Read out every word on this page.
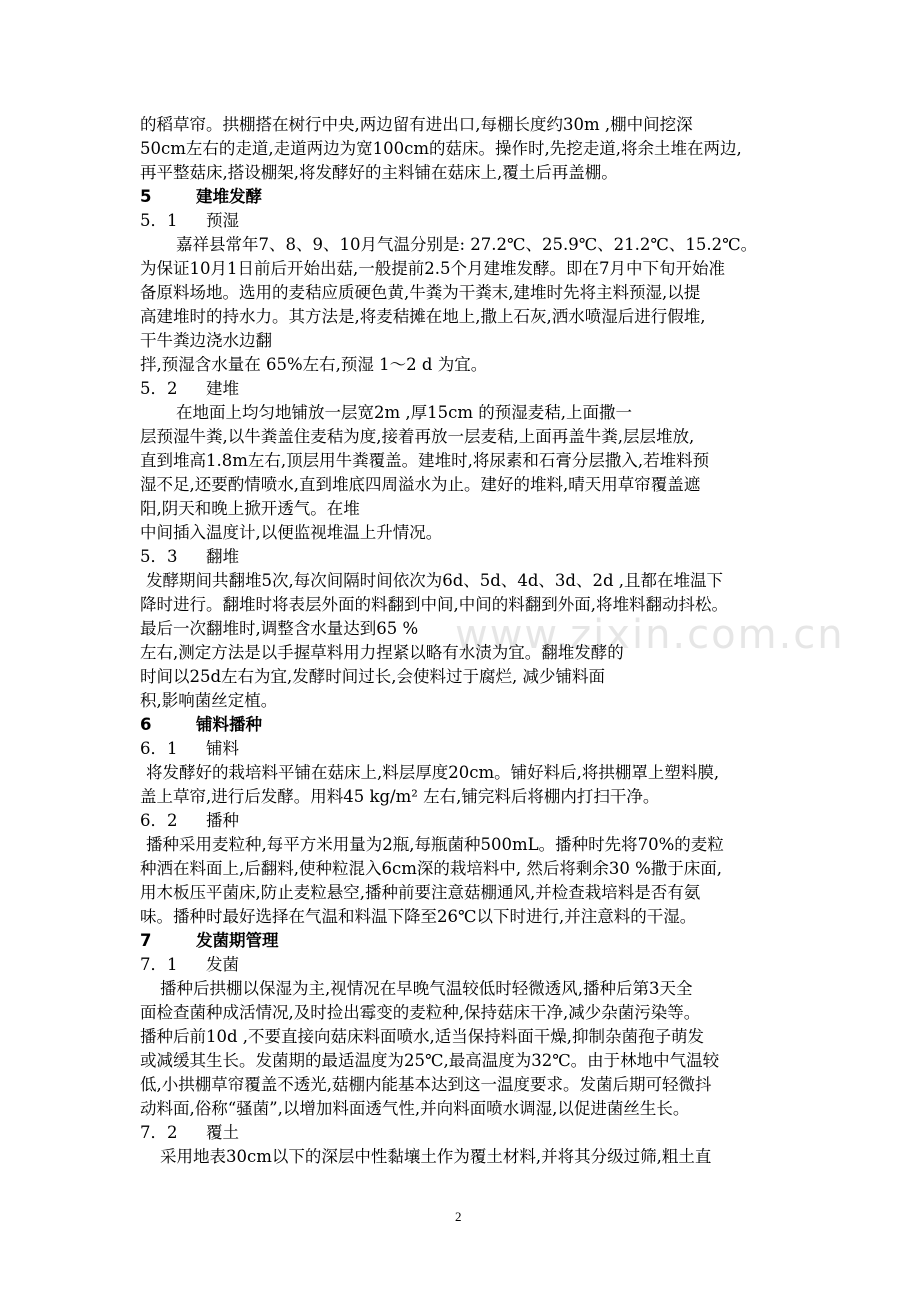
www.zixin.com.cn
的稻草帘。拱棚搭在树行中央,两边留有进出口,每棚长度约30m ,棚中间挖深
50cm左右的走道,走道两边为宽100cm的菇床。操作时,先挖走道,将余土堆在两边,
再平整菇床,搭设棚架,将发酵好的主料铺在菇床上,覆土后再盖棚。
5	建堆发酵
5．1 预湿
嘉祥县常年7、8、9、10月气温分别是: 27.2℃、25.9℃、21.2℃、15.2℃。
为保证10月1日前后开始出菇,一般提前2.5个月建堆发酵。即在7月中下旬开始准
备原料场地。选用的麦秸应质硬色黄,牛粪为干粪末,建堆时先将主料预湿,以提
高建堆时的持水力。其方法是,将麦秸摊在地上,撒上石灰,洒水喷湿后进行假堆,
干牛粪边浇水边翻
拌,预湿含水量在 65%左右,预湿 1～2 d 为宜。
5．2 建堆
在地面上均匀地铺放一层宽2m ,厚15cm 的预湿麦秸,上面撒一
层预湿牛粪,以牛粪盖住麦秸为度,接着再放一层麦秸,上面再盖牛粪,层层堆放,
直到堆高1.8m左右,顶层用牛粪覆盖。建堆时,将尿素和石膏分层撒入,若堆料预
湿不足,还要酌情喷水,直到堆底四周溢水为止。建好的堆料,晴天用草帘覆盖遮
阳,阴天和晚上掀开透气。在堆
中间插入温度计,以便监视堆温上升情况。
5．3 翻堆
发酵期间共翻堆5次,每次间隔时间依次为6d、5d、4d、3d、2d ,且都在堆温下
降时进行。翻堆时将表层外面的料翻到中间,中间的料翻到外面,将堆料翻动抖松。
最后一次翻堆时,调整含水量达到65 %
左右,测定方法是以手握草料用力捏紧以略有水渍为宜。翻堆发酵的
时间以25d左右为宜,发酵时间过长,会使料过于腐烂, 减少铺料面
积,影响菌丝定植。
6	铺料播种
6．1 铺料
将发酵好的栽培料平铺在菇床上,料层厚度20cm。铺好料后,将拱棚罩上塑料膜,
盖上草帘,进行后发酵。用料45 kg/m² 左右,铺完料后将棚内打扫干净。
6．2 播种
播种采用麦粒种,每平方米用量为2瓶,每瓶菌种500mL。播种时先将70%的麦粒
种洒在料面上,后翻料,使种粒混入6cm深的栽培料中, 然后将剩余30 %撒于床面,
用木板压平菌床,防止麦粒悬空,播种前要注意菇棚通风,并检查栽培料是否有氨
味。播种时最好选择在气温和料温下降至26℃以下时进行,并注意料的干湿。
7	发菌期管理
7．1 发菌
播种后拱棚以保湿为主,视情况在早晚气温较低时轻微透风,播种后第3天全
面检查菌种成活情况,及时捡出霉变的麦粒种,保持菇床干净,减少杂菌污染等。
播种后前10d ,不要直接向菇床料面喷水,适当保持料面干燥,抑制杂菌孢子萌发
或减缓其生长。发菌期的最适温度为25℃,最高温度为32℃。由于林地中气温较
低,小拱棚草帘覆盖不透光,菇棚内能基本达到这一温度要求。发菌后期可轻微抖
动料面,俗称“骚菌”,以增加料面透气性,并向料面喷水调湿,以促进菌丝生长。
7．2 覆土
采用地表30cm以下的深层中性黏壤土作为覆土材料,并将其分级过筛,粗土直
2
